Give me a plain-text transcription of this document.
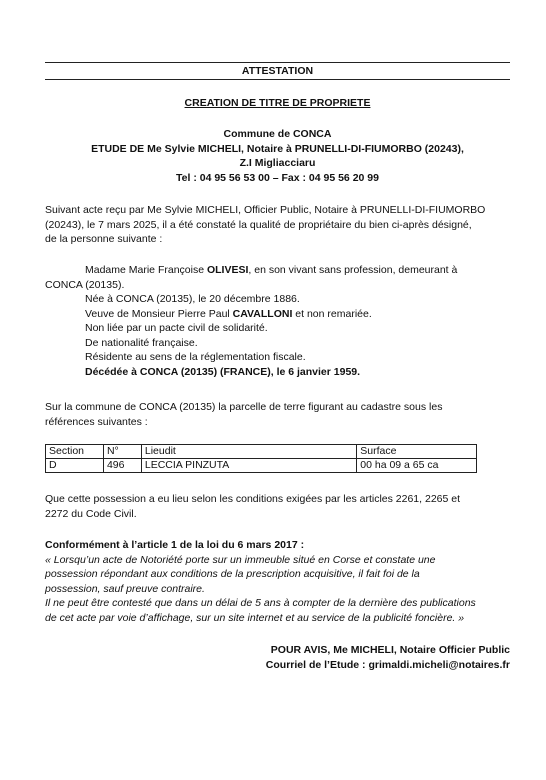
ATTESTATION
CREATION DE TITRE DE PROPRIETE
Commune de CONCA
ETUDE DE Me Sylvie MICHELI, Notaire à PRUNELLI-DI-FIUMORBO (20243),
Z.I Migliacciaru
Tel : 04 95 56 53 00 – Fax : 04 95 56 20 99
Suivant acte reçu par Me Sylvie MICHELI, Officier Public, Notaire à PRUNELLI-DI-FIUMORBO
(20243), le 7 mars 2025, il a été constaté la qualité de propriétaire du bien ci-après désigné,
de la personne suivante :
Madame Marie Françoise OLIVESI, en son vivant sans profession, demeurant à
CONCA (20135).
Née à CONCA (20135), le 20 décembre 1886.
Veuve de Monsieur Pierre Paul CAVALLONI et non remariée.
Non liée par un pacte civil de solidarité.
De nationalité française.
Résidente au sens de la réglementation fiscale.
Décédée à CONCA (20135) (FRANCE), le 6 janvier 1959.
Sur la commune de CONCA (20135) la parcelle de terre figurant au cadastre sous les
références suivantes :
Section	N°	Lieudit	Surface
D	496	LECCIA PINZUTA	00 ha 09 a 65 ca
Que cette possession a eu lieu selon les conditions exigées par les articles 2261, 2265 et
2272 du Code Civil.
Conformément à l’article 1 de la loi du 6 mars 2017 :
« Lorsqu’un acte de Notoriété porte sur un immeuble situé en Corse et constate une
possession répondant aux conditions de la prescription acquisitive, il fait foi de la
possession, sauf preuve contraire.
Il ne peut être contesté que dans un délai de 5 ans à compter de la dernière des publications
de cet acte par voie d’affichage, sur un site internet et au service de la publicité foncière. »
POUR AVIS, Me MICHELI, Notaire Officier Public
Courriel de l’Etude : grimaldi.micheli@notaires.fr
